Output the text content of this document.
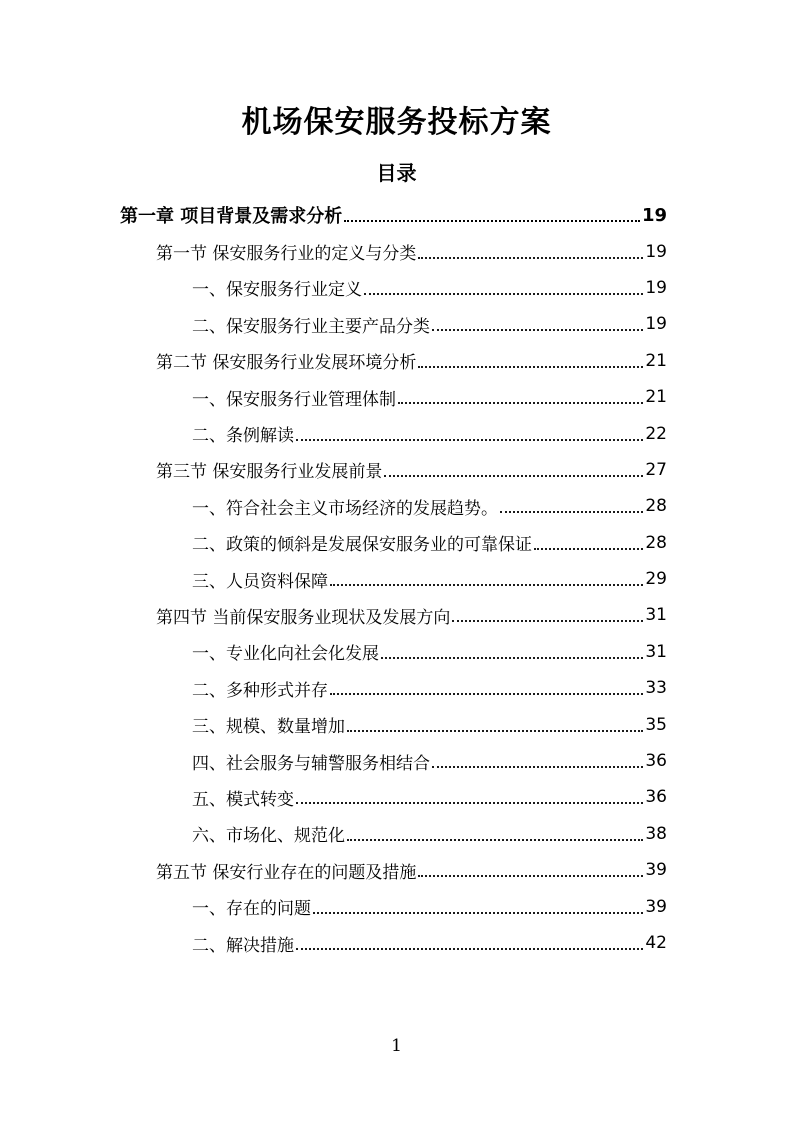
机场保安服务投标方案
目录
第一章 项目背景及需求分析	19
第一节 保安服务行业的定义与分类	19
一、保安服务行业定义	19
二、保安服务行业主要产品分类	19
第二节 保安服务行业发展环境分析	21
一、保安服务行业管理体制	21
二、条例解读	22
第三节 保安服务行业发展前景	27
一、符合社会主义市场经济的发展趋势。	28
二、政策的倾斜是发展保安服务业的可靠保证	28
三、人员资料保障	29
第四节 当前保安服务业现状及发展方向	31
一、专业化向社会化发展	31
二、多种形式并存	33
三、规模、数量增加	35
四、社会服务与辅警服务相结合	36
五、模式转变	36
六、市场化、规范化	38
第五节 保安行业存在的问题及措施	39
一、存在的问题	39
二、解决措施	42
1
